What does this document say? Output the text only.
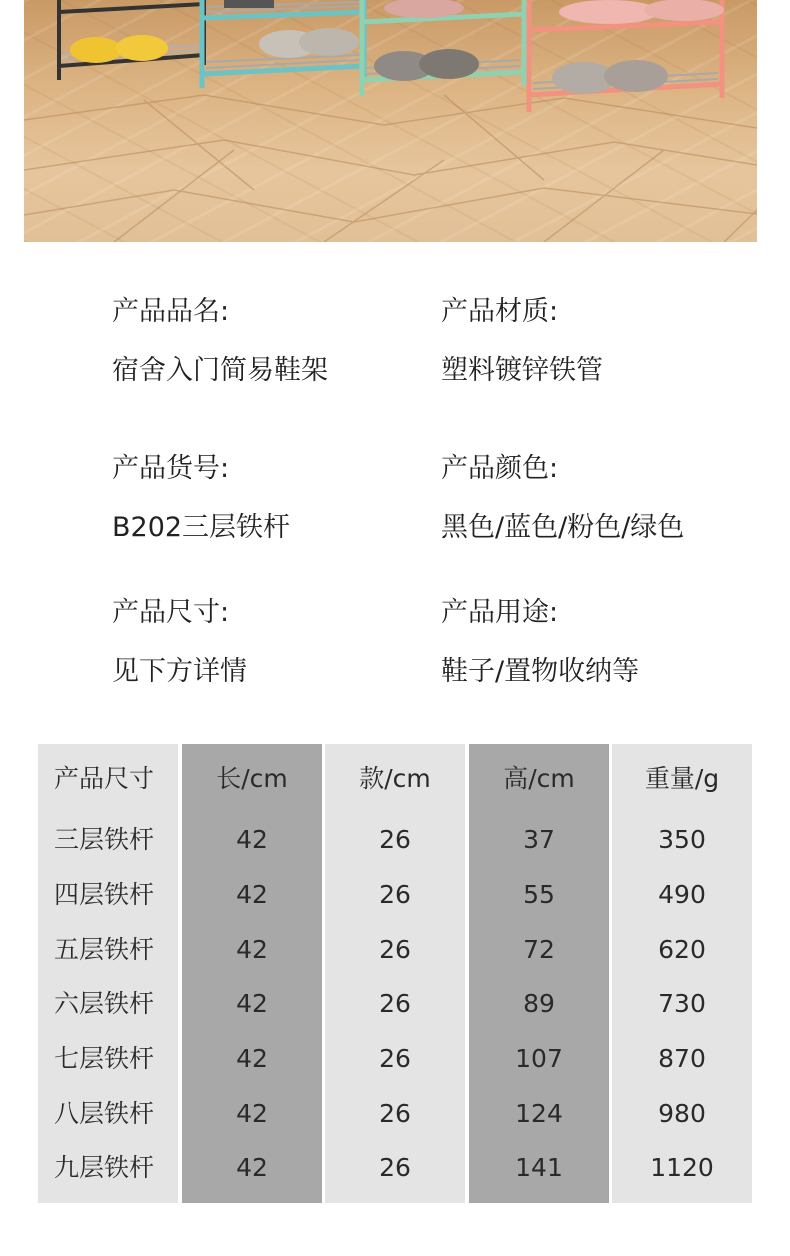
产品品名:
宿舍入门简易鞋架
产品材质:
塑料镀锌铁管
产品货号:
B202三层铁杆
产品颜色:
黑色/蓝色/粉色/绿色
产品尺寸:
见下方详情
产品用途:
鞋子/置物收纳等
产品尺寸
三层铁杆
四层铁杆
五层铁杆
六层铁杆
七层铁杆
八层铁杆
九层铁杆
长/cm
42
42
42
42
42
42
42
款/cm
26
26
26
26
26
26
26
高/cm
37
55
72
89
107
124
141
重量/g
350
490
620
730
870
980
1120
